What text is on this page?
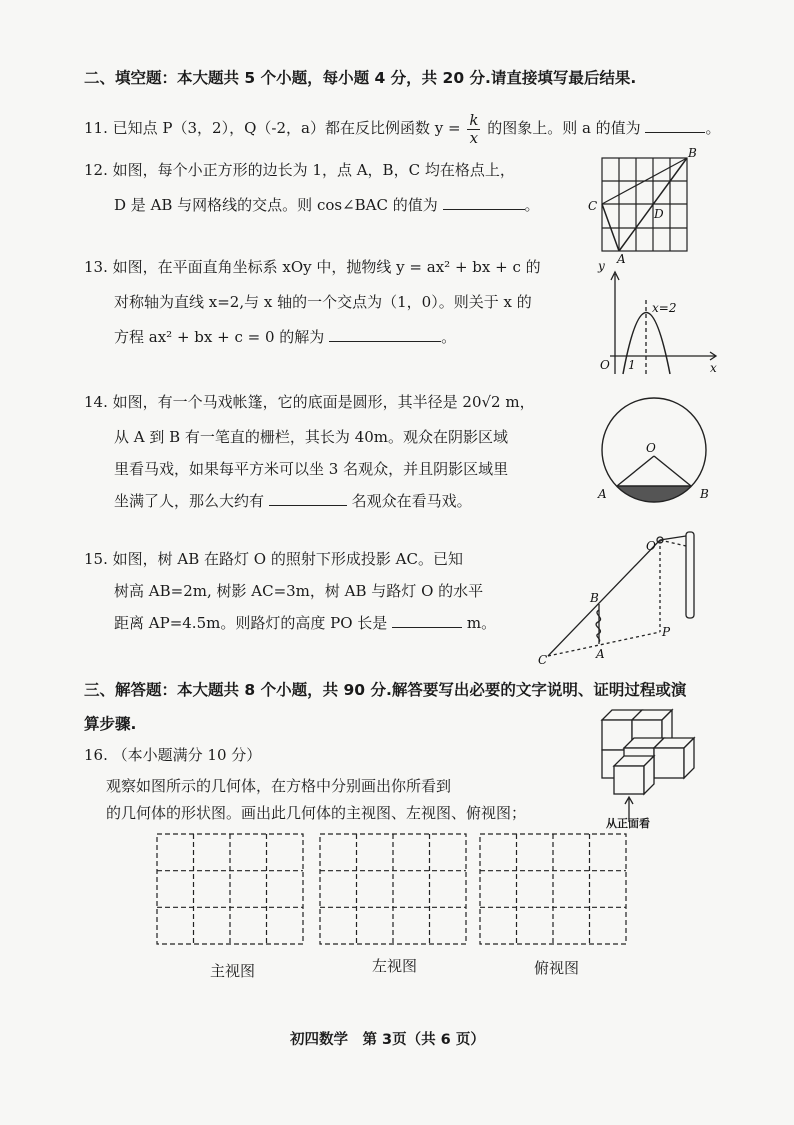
二、填空题：本大题共 5 个小题，每小题 4 分，共 20 分.请直接填写最后结果.
11. 已知点 P（3，2），Q（-2，a）都在反比例函数 $y = \frac{k}{x}$ 的图象上。则 a 的值为	。
12. 如图，每个小正方形的边长为 1，点 A，B，C 均在格点上，
D 是 AB 与网格线的交点。则 cos∠BAC 的值为	。
B
C
D
A
13. 如图，在平面直角坐标系 xOy 中，抛物线 y = ax² + bx + c 的
对称轴为直线 x=2,与 x 轴的一个交点为（1，0）。则关于 x 的
方程 ax² + bx + c = 0 的解为	。
y
x
O 1
x=2
14. 如图，有一个马戏帐篷，它的底面是圆形，其半径是 20√2 m，
从 A 到 B 有一笔直的栅栏，其长为 40m。观众在阴影区域
里看马戏，如果每平方米可以坐 3 名观众，并且阴影区域里
坐满了人，那么大约有	名观众在看马戏。
O
A	B
15. 如图，树 AB 在路灯 O 的照射下形成投影 AC。已知
树高 AB=2m, 树影 AC=3m，树 AB 与路灯 O 的水平
距离 AP=4.5m。则路灯的高度 PO 长是	m。
O
B
P
C	A
三、解答题：本大题共 8 个小题，共 90 分.解答要写出必要的文字说明、证明过程或演
算步骤.
16. （本小题满分 10 分）
观察如图所示的几何体，在方格中分别画出你所看到
的几何体的形状图。画出此几何体的主视图、左视图、俯视图；
从正面看
主视图	左视图	俯视图
初四数学　第 3页（共 6 页）
